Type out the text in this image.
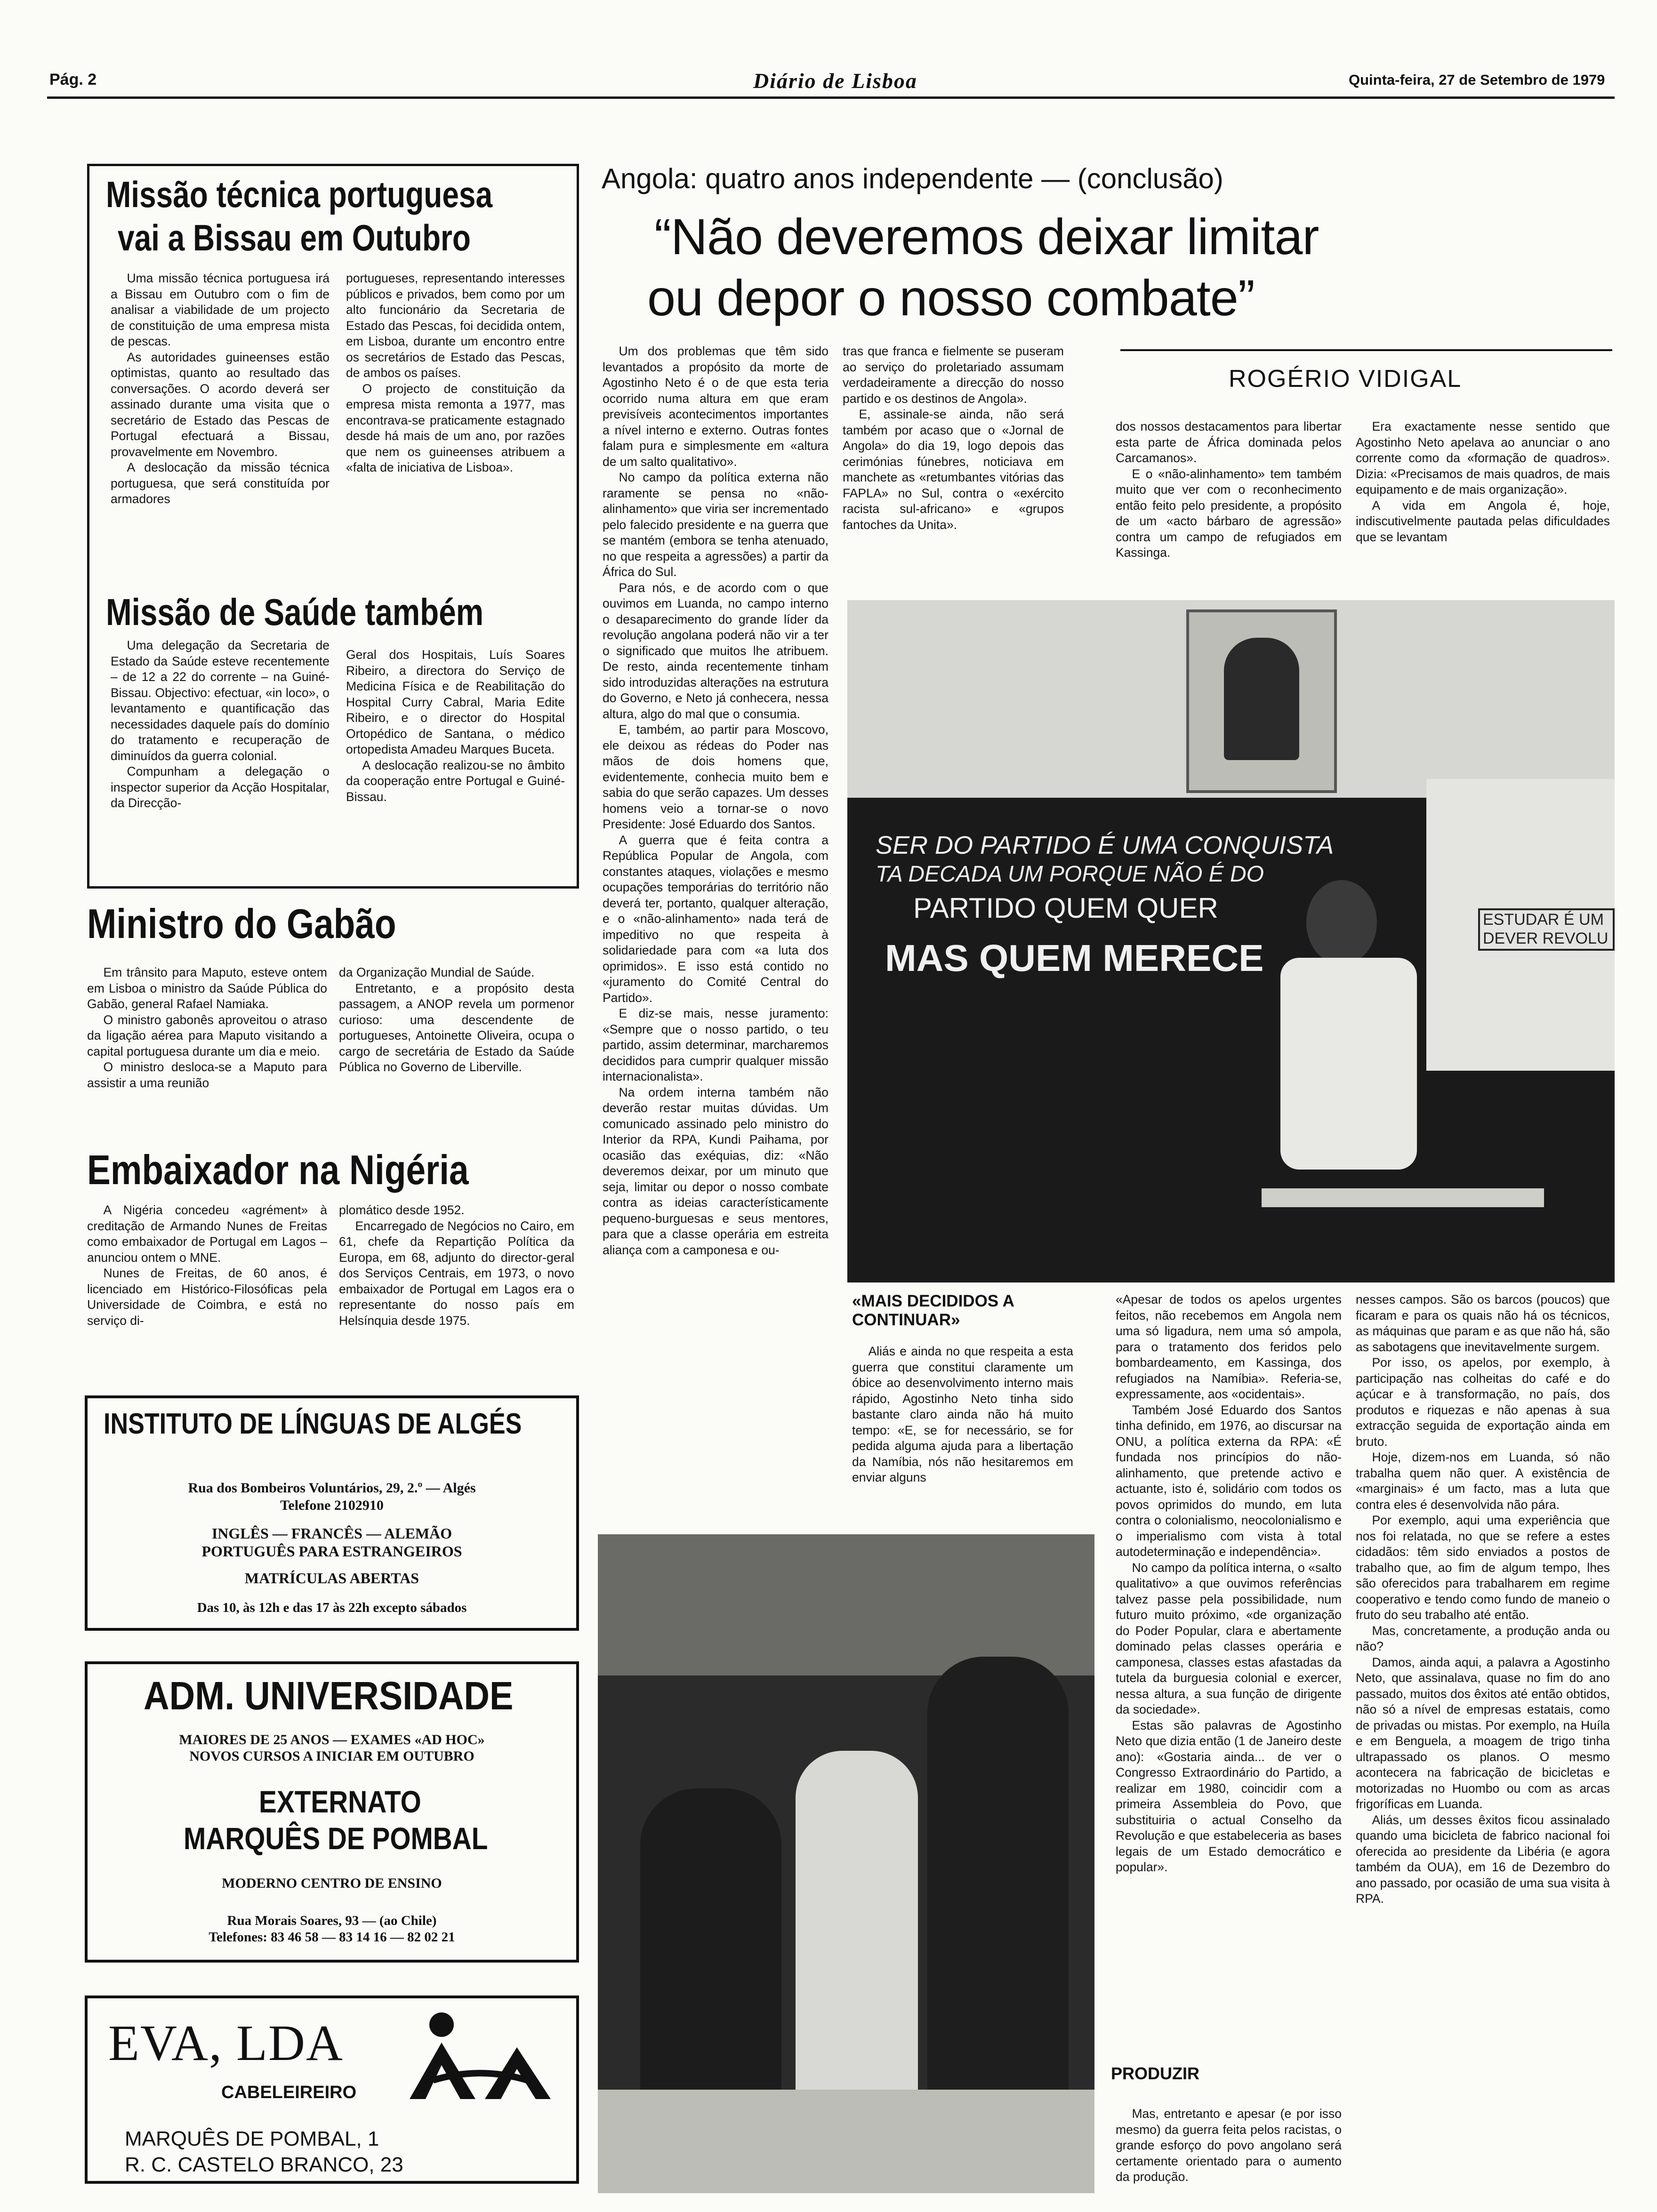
Pág. 2	Diário de Lisboa	Quinta-feira, 27 de Setembro de 1979
Missão técnica portuguesa
vai a Bissau em Outubro

Uma missão técnica portuguesa irá a Bissau em Outubro com o fim de analisar a viabilidade de um projecto de constituição de uma empresa mista de pescas.

As autoridades guineenses estão optimistas, quanto ao resultado das conversações. O acordo deverá ser assinado durante uma visita que o secretário de Estado das Pescas de Portugal efectuará a Bissau, provavelmente em Novembro.

A deslocação da missão técnica portuguesa, que será constituída por armadores

portugueses, representando interesses públicos e privados, bem como por um alto funcionário da Secretaria de Estado das Pescas, foi decidida ontem, em Lisboa, durante um encontro entre os secretários de Estado das Pescas, de ambos os países.

O projecto de constituição da empresa mista remonta a 1977, mas encontrava-se praticamente estagnado desde há mais de um ano, por razões que nem os guineenses atribuem a «falta de iniciativa de Lisboa».

Missão de Saúde também

Uma delegação da Secretaria de Estado da Saúde esteve recentemente – de 12 a 22 do corrente – na Guiné-Bissau. Objectivo: efectuar, «in loco», o levantamento e quantificação das necessidades daquele país do domínio do tratamento e recuperação de diminuídos da guerra colonial.

Compunham a delegação o inspector superior da Acção Hospitalar, da Direcção-

Geral dos Hospitais, Luís Soares Ribeiro, a directora do Serviço de Medicina Física e de Reabilitação do Hospital Curry Cabral, Maria Edite Ribeiro, e o director do Hospital Ortopédico de Santana, o médico ortopedista Amadeu Marques Buceta.

A deslocação realizou-se no âmbito da cooperação entre Portugal e Guiné-Bissau.

Ministro do Gabão

Em trânsito para Maputo, esteve ontem em Lisboa o ministro da Saúde Pública do Gabão, general Rafael Namiaka.

O ministro gabonês aproveitou o atraso da ligação aérea para Maputo visitando a capital portuguesa durante um dia e meio.

O ministro desloca-se a Maputo para assistir a uma reunião

da Organização Mundial de Saúde.

Entretanto, e a propósito desta passagem, a ANOP revela um pormenor curioso: uma descendente de portugueses, Antoinette Oliveira, ocupa o cargo de secretária de Estado da Saúde Pública no Governo de Liberville.

Embaixador na Nigéria

A Nigéria concedeu «agrément» à creditação de Armando Nunes de Freitas como embaixador de Portugal em Lagos – anunciou ontem o MNE.

Nunes de Freitas, de 60 anos, é licenciado em Histórico-Filosóficas pela Universidade de Coimbra, e está no serviço di-

plomático desde 1952.

Encarregado de Negócios no Cairo, em 61, chefe da Repartição Política da Europa, em 68, adjunto do director-geral dos Serviços Centrais, em 1973, o novo embaixador de Portugal em Lagos era o representante do nosso país em Helsínquia desde 1975.

INSTITUTO DE LÍNGUAS DE ALGÉS
Rua dos Bombeiros Voluntários, 29, 2.º — Algés
Telefone 2102910
INGLÊS — FRANCÊS — ALEMÃO
PORTUGUÊS PARA ESTRANGEIROS
MATRÍCULAS ABERTAS
Das 10, às 12h e das 17 às 22h excepto sábados
ADM. UNIVERSIDADE
MAIORES DE 25 ANOS — EXAMES «AD HOC»
NOVOS CURSOS A INICIAR EM OUTUBRO
EXTERNATO
MARQUÊS DE POMBAL
MODERNO CENTRO DE ENSINO
Rua Morais Soares, 93 — (ao Chile)
Telefones: 83 46 58 — 83 14 16 — 82 02 21
EVA, LDA
CABELEIREIRO
MARQUÊS DE POMBAL, 1
R. C. CASTELO BRANCO, 23
Angola: quatro anos independente — (conclusão)
“Não deveremos deixar limitar
ou depor o nosso combate”
ROGÉRIO VIDIGAL

Um dos problemas que têm sido levantados a propósito da morte de Agostinho Neto é o de que esta teria ocorrido numa altura em que eram previsíveis acontecimentos importantes a nível interno e externo. Outras fontes falam pura e simplesmente em «altura de um salto qualitativo».

No campo da política externa não raramente se pensa no «não-alinhamento» que viria ser incrementado pelo falecido presidente e na guerra que se mantém (embora se tenha atenuado, no que respeita a agressões) a partir da África do Sul.

Para nós, e de acordo com o que ouvimos em Luanda, no campo interno o desaparecimento do grande líder da revolução angolana poderá não vir a ter o significado que muitos lhe atribuem. De resto, ainda recentemente tinham sido introduzidas alterações na estrutura do Governo, e Neto já conhecera, nessa altura, algo do mal que o consumia.

E, também, ao partir para Moscovo, ele deixou as rédeas do Poder nas mãos de dois homens que, evidentemente, conhecia muito bem e sabia do que serão capazes. Um desses homens veio a tornar-se o novo Presidente: José Eduardo dos Santos.

A guerra que é feita contra a República Popular de Angola, com constantes ataques, violações e mesmo ocupações temporárias do território não deverá ter, portanto, qualquer alteração, e o «não-alinhamento» nada terá de impeditivo no que respeita à solidariedade para com «a luta dos oprimidos». E isso está contido no «juramento do Comité Central do Partido».

E diz-se mais, nesse juramento: «Sempre que o nosso partido, o teu partido, assim determinar, marcharemos decididos para cumprir qualquer missão internacionalista».

Na ordem interna também não deverão restar muitas dúvidas. Um comunicado assinado pelo ministro do Interior da RPA, Kundi Paihama, por ocasião das exéquias, diz: «Não deveremos deixar, por um minuto que seja, limitar ou depor o nosso combate contra as ideias característicamente pequeno-burguesas e seus mentores, para que a classe operária em estreita aliança com a camponesa e ou-

tras que franca e fielmente se puseram ao serviço do proletariado assumam verdadeiramente a direcção do nosso partido e os destinos de Angola».

E, assinale-se ainda, não será também por acaso que o «Jornal de Angola» do dia 19, logo depois das cerimónias fúnebres, noticiava em manchete as «retumbantes vitórias das FAPLA» no Sul, contra o «exército racista sul-africano» e «grupos fantoches da Unita».

dos nossos destacamentos para libertar esta parte de África dominada pelos Carcamanos».

E o «não-alinhamento» tem também muito que ver com o reconhecimento então feito pelo presidente, a propósito de um «acto bárbaro de agressão» contra um campo de refugiados em Kassinga.

Era exactamente nesse sentido que Agostinho Neto apelava ao anunciar o ano corrente como da «formação de quadros». Dizia: «Precisamos de mais quadros, de mais equipamento e de mais organização».

A vida em Angola é, hoje, indiscutivelmente pautada pelas dificuldades que se levantam

ESTUDAR É UM
DEVER REVOLU
SER DO PARTIDO É UMA CONQUISTA
TA DECADA UM PORQUE NÃO É DO
PARTIDO QUEM QUER
MAS QUEM MERECE
«MAIS DECIDIDOS A CONTINUAR»

Aliás e ainda no que respeita a esta guerra que constitui claramente um óbice ao desenvolvimento interno mais rápido, Agostinho Neto tinha sido bastante claro ainda não há muito tempo: «E, se for necessário, se for pedida alguma ajuda para a libertação da Namíbia, nós não hesitaremos em enviar alguns

«Apesar de todos os apelos urgentes feitos, não recebemos em Angola nem uma só ligadura, nem uma só ampola, para o tratamento dos feridos pelo bombardeamento, em Kassinga, dos refugiados na Namíbia». Referia-se, expressamente, aos «ocidentais».

Também José Eduardo dos Santos tinha definido, em 1976, ao discursar na ONU, a política externa da RPA: «É fundada nos princípios do não-alinhamento, que pretende activo e actuante, isto é, solidário com todos os povos oprimidos do mundo, em luta contra o colonialismo, neocolonialismo e o imperialismo com vista à total autodeterminação e independência».

No campo da política interna, o «salto qualitativo» a que ouvimos referências talvez passe pela possibilidade, num futuro muito próximo, «de organização do Poder Popular, clara e abertamente dominado pelas classes operária e camponesa, classes estas afastadas da tutela da burguesia colonial e exercer, nessa altura, a sua função de dirigente da sociedade».

Estas são palavras de Agostinho Neto que dizia então (1 de Janeiro deste ano): «Gostaria ainda... de ver o Congresso Extraordinário do Partido, a realizar em 1980, coincidir com a primeira Assembleia do Povo, que substituiria o actual Conselho da Revolução e que estabeleceria as bases legais de um Estado democrático e popular».

PRODUZIR

Mas, entretanto e apesar (e por isso mesmo) da guerra feita pelos racistas, o grande esforço do povo angolano será certamente orientado para o aumento da produção.

nesses campos. São os barcos (poucos) que ficaram e para os quais não há os técnicos, as máquinas que param e as que não há, são as sabotagens que inevitavelmente surgem.

Por isso, os apelos, por exemplo, à participação nas colheitas do café e do açúcar e à transformação, no país, dos produtos e riquezas e não apenas à sua extracção seguida de exportação ainda em bruto.

Hoje, dizem-nos em Luanda, só não trabalha quem não quer. A existência de «marginais» é um facto, mas a luta que contra eles é desenvolvida não pára.

Por exemplo, aqui uma experiência que nos foi relatada, no que se refere a estes cidadãos: têm sido enviados a postos de trabalho que, ao fim de algum tempo, lhes são oferecidos para trabalharem em regime cooperativo e tendo como fundo de maneio o fruto do seu trabalho até então.

Mas, concretamente, a produção anda ou não?

Damos, ainda aqui, a palavra a Agostinho Neto, que assinalava, quase no fim do ano passado, muitos dos êxitos até então obtidos, não só a nível de empresas estatais, como de privadas ou mistas. Por exemplo, na Huíla e em Benguela, a moagem de trigo tinha ultrapassado os planos. O mesmo acontecera na fabricação de bicicletas e motorizadas no Huombo ou com as arcas frigoríficas em Luanda.

Aliás, um desses êxitos ficou assinalado quando uma bicicleta de fabrico nacional foi oferecida ao presidente da Libéria (e agora também da OUA), em 16 de Dezembro do ano passado, por ocasião de uma sua visita à RPA.
